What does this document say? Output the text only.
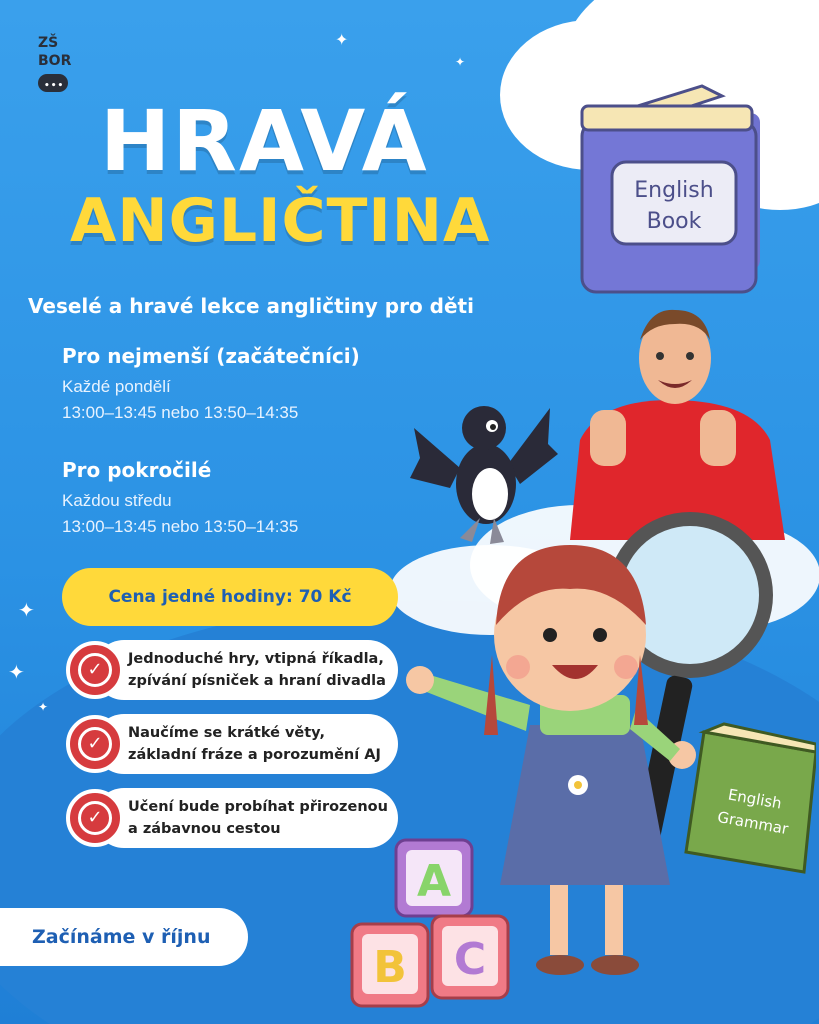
✦
✦
✦
✦
✦
ZŠ
BOR
•••
HRAVÁ
ANGLIČTINA	English
Book
Veselé a hravé lekce angličtiny pro děti
Pro nejmenší (začátečníci)

Každé pondělí
13:00–13:45 nebo 13:50–14:35

Pro pokročilé

Každou středu
13:00–13:45 nebo 13:50–14:35

Cena jedné hodiny: 70 Kč
✓	Jednoduché hry, vtipná říkadla,
zpívání písniček a hraní divadla
✓	Naučíme se krátké věty,
základní fráze a porozumění AJ
✓	Učení bude probíhat přirozenou
a zábavnou cestou
English
Grammar
A
B C
Začínáme v říjnu
